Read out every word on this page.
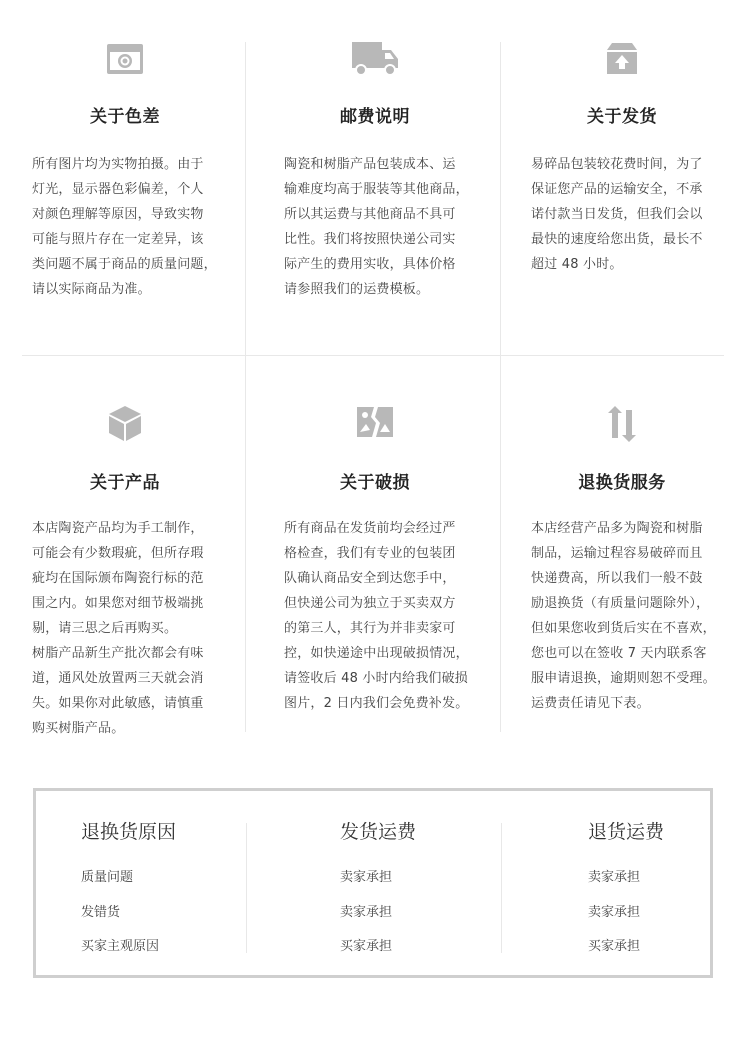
关于色差
所有图片均为实物拍摄。由于
灯光，显示器色彩偏差，个人
对颜色理解等原因，导致实物
可能与照片存在一定差异，该
类问题不属于商品的质量问题，
请以实际商品为准。
邮费说明
陶瓷和树脂产品包装成本、运
输难度均高于服装等其他商品，
所以其运费与其他商品不具可
比性。我们将按照快递公司实
际产生的费用实收，具体价格
请参照我们的运费模板。
关于发货
易碎品包装较花费时间，为了
保证您产品的运输安全，不承
诺付款当日发货，但我们会以
最快的速度给您出货，最长不
超过 48 小时。
关于产品
本店陶瓷产品均为手工制作，
可能会有少数瑕疵，但所存瑕
疵均在国际颁布陶瓷行标的范
围之内。如果您对细节极端挑
剔，请三思之后再购买。
树脂产品新生产批次都会有味
道，通风处放置两三天就会消
失。如果你对此敏感，请慎重
购买树脂产品。
关于破损
所有商品在发货前均会经过严
格检查，我们有专业的包装团
队确认商品安全到达您手中，
但快递公司为独立于买卖双方
的第三人，其行为并非卖家可
控，如快递途中出现破损情况，
请签收后 48 小时内给我们破损
图片，2 日内我们会免费补发。
退换货服务
本店经营产品多为陶瓷和树脂
制品，运输过程容易破碎而且
快递费高，所以我们一般不鼓
励退换货（有质量问题除外），
但如果您收到货后实在不喜欢，
您也可以在签收 7 天内联系客
服申请退换，逾期则恕不受理。
运费责任请见下表。
退换货原因
质量问题
发错货
买家主观原因
发货运费
卖家承担
卖家承担
买家承担
退货运费
卖家承担
卖家承担
买家承担
